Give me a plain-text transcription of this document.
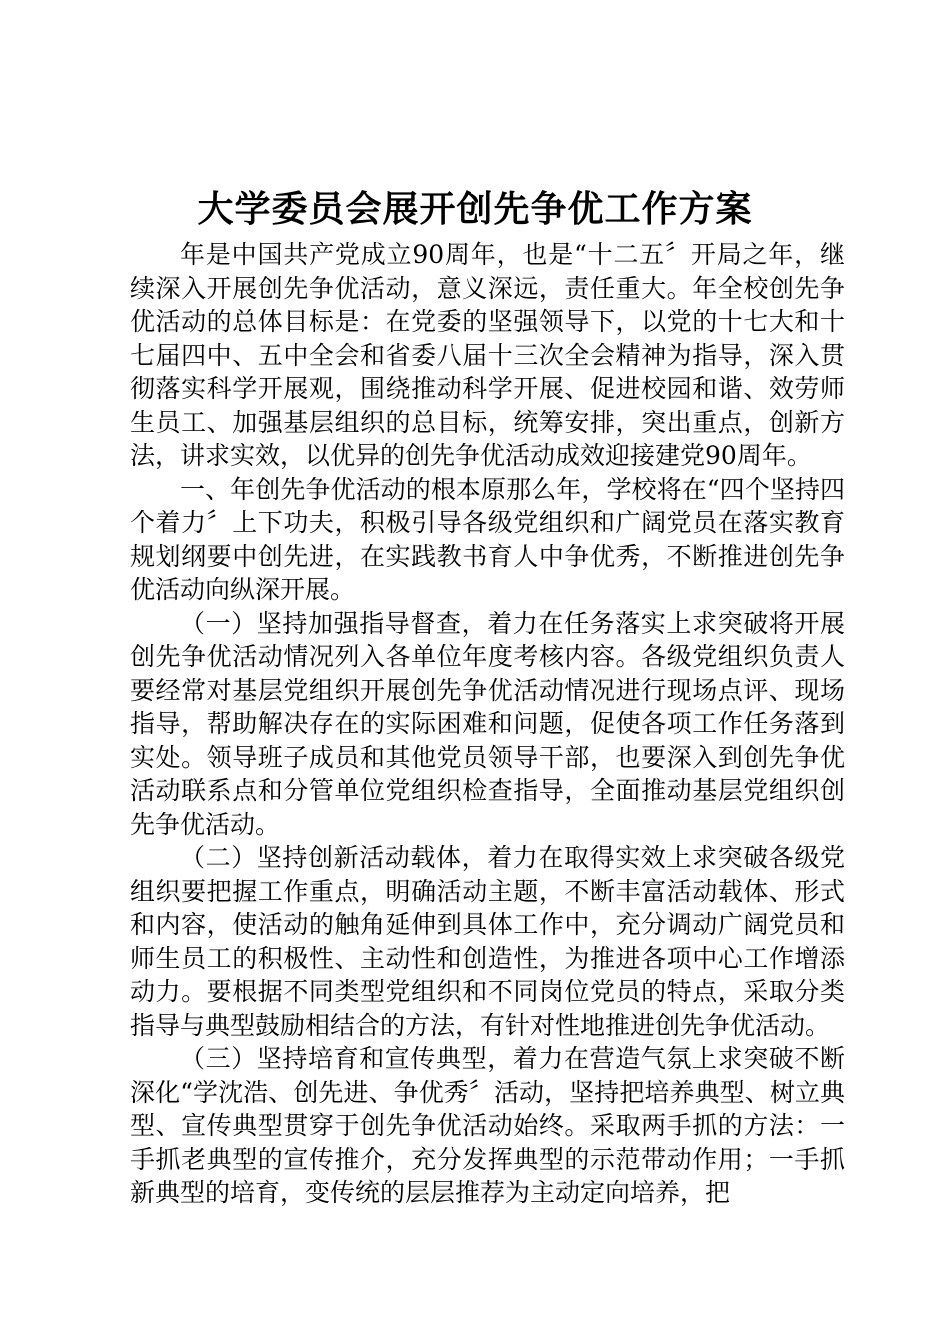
大学委员会展开创先争优工作方案

年是中国共产党成立90周年，也是“十二五〞开局之年，继续深入开展创先争优活动，意义深远，责任重大。年全校创先争优活动的总体目标是：在党委的坚强领导下，以党的十七大和十七届四中、五中全会和省委八届十三次全会精神为指导，深入贯彻落实科学开展观，围绕推动科学开展、促进校园和谐、效劳师生员工、加强基层组织的总目标，统筹安排，突出重点，创新方法，讲求实效，以优异的创先争优活动成效迎接建党90周年。

一、年创先争优活动的根本原那么年，学校将在“四个坚持四个着力〞上下功夫，积极引导各级党组织和广阔党员在落实教育规划纲要中创先进，在实践教书育人中争优秀，不断推进创先争优活动向纵深开展。

（一）坚持加强指导督查，着力在任务落实上求突破将开展创先争优活动情况列入各单位年度考核内容。各级党组织负责人要经常对基层党组织开展创先争优活动情况进行现场点评、现场指导，帮助解决存在的实际困难和问题，促使各项工作任务落到实处。领导班子成员和其他党员领导干部，也要深入到创先争优活动联系点和分管单位党组织检查指导，全面推动基层党组织创先争优活动。

（二）坚持创新活动载体，着力在取得实效上求突破各级党组织要把握工作重点，明确活动主题，不断丰富活动载体、形式和内容，使活动的触角延伸到具体工作中，充分调动广阔党员和师生员工的积极性、主动性和创造性，为推进各项中心工作增添动力。要根据不同类型党组织和不同岗位党员的特点，采取分类指导与典型鼓励相结合的方法，有针对性地推进创先争优活动。

（三）坚持培育和宣传典型，着力在营造气氛上求突破不断深化“学沈浩、创先进、争优秀〞活动，坚持把培养典型、树立典型、宣传典型贯穿于创先争优活动始终。采取两手抓的方法：一手抓老典型的宣传推介，充分发挥典型的示范带动作用；一手抓新典型的培育，变传统的层层推荐为主动定向培养，把
